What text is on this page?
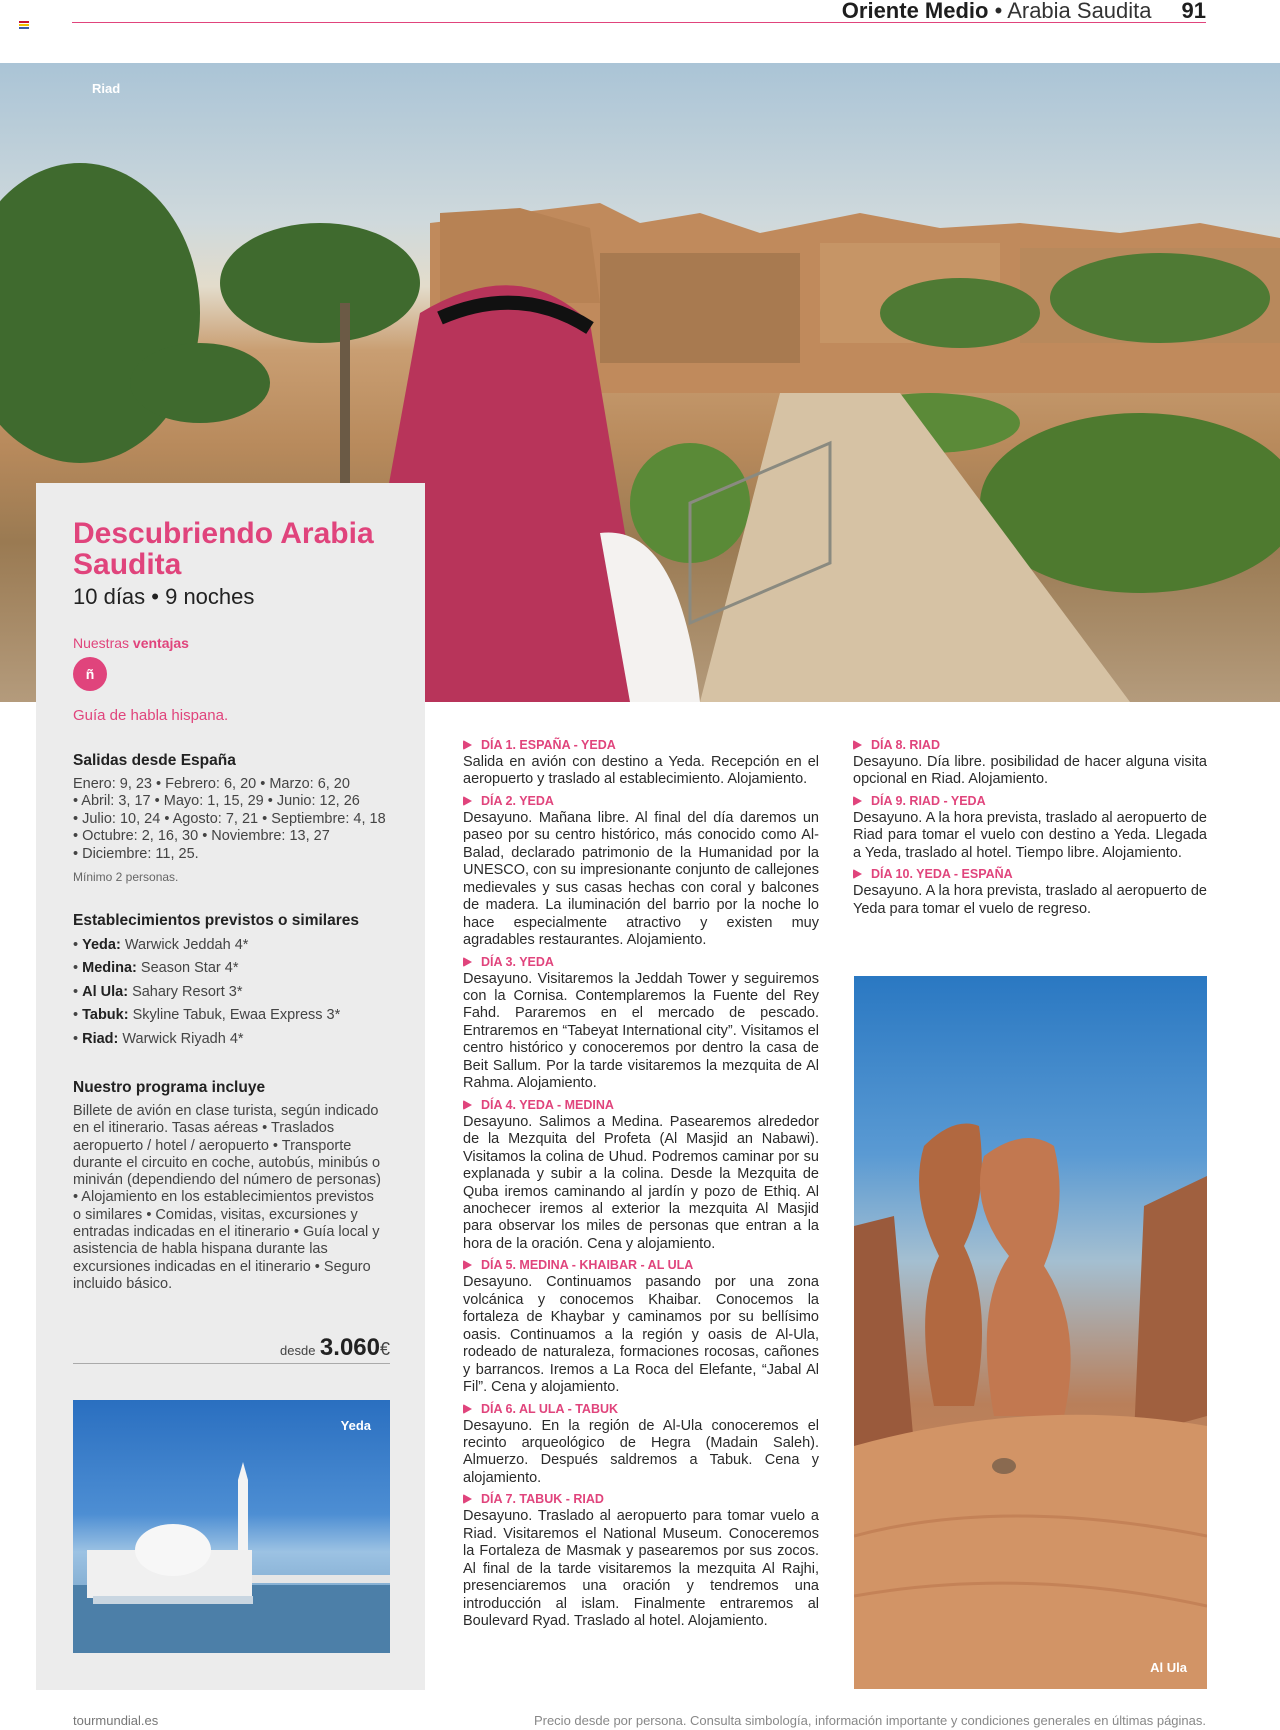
Oriente Medio • Arabia Saudita 91
Riad
Descubriendo Arabia Saudita
10 días • 9 noches
Nuestras ventajas
ñ
Guía de habla hispana.
Salidas desde España
Enero: 9, 23 • Febrero: 6, 20 • Marzo: 6, 20
• Abril: 3, 17 • Mayo: 1, 15, 29 • Junio: 12, 26
• Julio: 10, 24 • Agosto: 7, 21 • Septiembre: 4, 18
• Octubre: 2, 16, 30 • Noviembre: 13, 27
• Diciembre: 11, 25.
Mínimo 2 personas.
Establecimientos previstos o similares
• Yeda: Warwick Jeddah 4*
• Medina: Season Star 4*
• Al Ula: Sahary Resort 3*
• Tabuk: Skyline Tabuk, Ewaa Express 3*
• Riad: Warwick Riyadh 4*
Nuestro programa incluye
Billete de avión en clase turista, según indicado en el itinerario. Tasas aéreas • Traslados aeropuerto / hotel / aeropuerto • Transporte durante el circuito en coche, autobús, minibús o miniván (dependiendo del número de personas) • Alojamiento en los establecimientos previstos o similares • Comidas, visitas, excursiones y entradas indicadas en el itinerario • Guía local y asistencia de habla hispana durante las excursiones indicadas en el itinerario • Seguro incluido básico.
desde 3.060€
Yeda
DÍA 1. ESPAÑA - YEDA
Salida en avión con destino a Yeda. Recepción en el aeropuerto y traslado al establecimiento. Alojamiento.
DÍA 2. YEDA
Desayuno. Mañana libre. Al final del día daremos un paseo por su centro histórico, más conocido como Al-Balad, declarado patrimonio de la Humanidad por la UNESCO, con su impresionante conjunto de callejones medievales y sus casas hechas con coral y balcones de madera. La iluminación del barrio por la noche lo hace especialmente atractivo y existen muy agradables restaurantes. Alojamiento.
DÍA 3. YEDA
Desayuno. Visitaremos la Jeddah Tower y seguiremos con la Cornisa. Contemplaremos la Fuente del Rey Fahd. Pararemos en el mercado de pescado. Entraremos en “Tabeyat International city”. Visitamos el centro histórico y conoceremos por dentro la casa de Beit Sallum. Por la tarde visitaremos la mezquita de Al Rahma. Alojamiento.
DÍA 4. YEDA - MEDINA
Desayuno. Salimos a Medina. Pasearemos alrededor de la Mezquita del Profeta (Al Masjid an Nabawi). Visitamos la colina de Uhud. Podremos caminar por su explanada y subir a la colina. Desde la Mezquita de Quba iremos caminando al jardín y pozo de Ethiq. Al anochecer iremos al exterior la mezquita Al Masjid para observar los miles de personas que entran a la hora de la oración. Cena y alojamiento.
DÍA 5. MEDINA - KHAIBAR - AL ULA
Desayuno. Continuamos pasando por una zona volcánica y conocemos Khaibar. Conocemos la fortaleza de Khaybar y caminamos por su bellísimo oasis. Continuamos a la región y oasis de Al-Ula, rodeado de naturaleza, formaciones rocosas, cañones y barrancos. Iremos a La Roca del Elefante, “Jabal Al Fil”. Cena y alojamiento.
DÍA 6. AL ULA - TABUK
Desayuno. En la región de Al-Ula conoceremos el recinto arqueológico de Hegra (Madain Saleh). Almuerzo. Después saldremos a Tabuk. Cena y alojamiento.
DÍA 7. TABUK - RIAD
Desayuno. Traslado al aeropuerto para tomar vuelo a Riad. Visitaremos el National Museum. Conoceremos la Fortaleza de Masmak y pasearemos por sus zocos. Al final de la tarde visitaremos la mezquita Al Rajhi, presenciaremos una oración y tendremos una introducción al islam. Finalmente entraremos al Boulevard Ryad. Traslado al hotel. Alojamiento.
DÍA 8. RIAD
Desayuno. Día libre. posibilidad de hacer alguna visita opcional en Riad. Alojamiento.
DÍA 9. RIAD - YEDA
Desayuno. A la hora prevista, traslado al aeropuerto de Riad para tomar el vuelo con destino a Yeda. Llegada a Yeda, traslado al hotel. Tiempo libre. Alojamiento.
DÍA 10. YEDA - ESPAÑA
Desayuno. A la hora prevista, traslado al aeropuerto de Yeda para tomar el vuelo de regreso.
Al Ula
tourmundial.es	Precio desde por persona. Consulta simbología, información importante y condiciones generales en últimas páginas.
